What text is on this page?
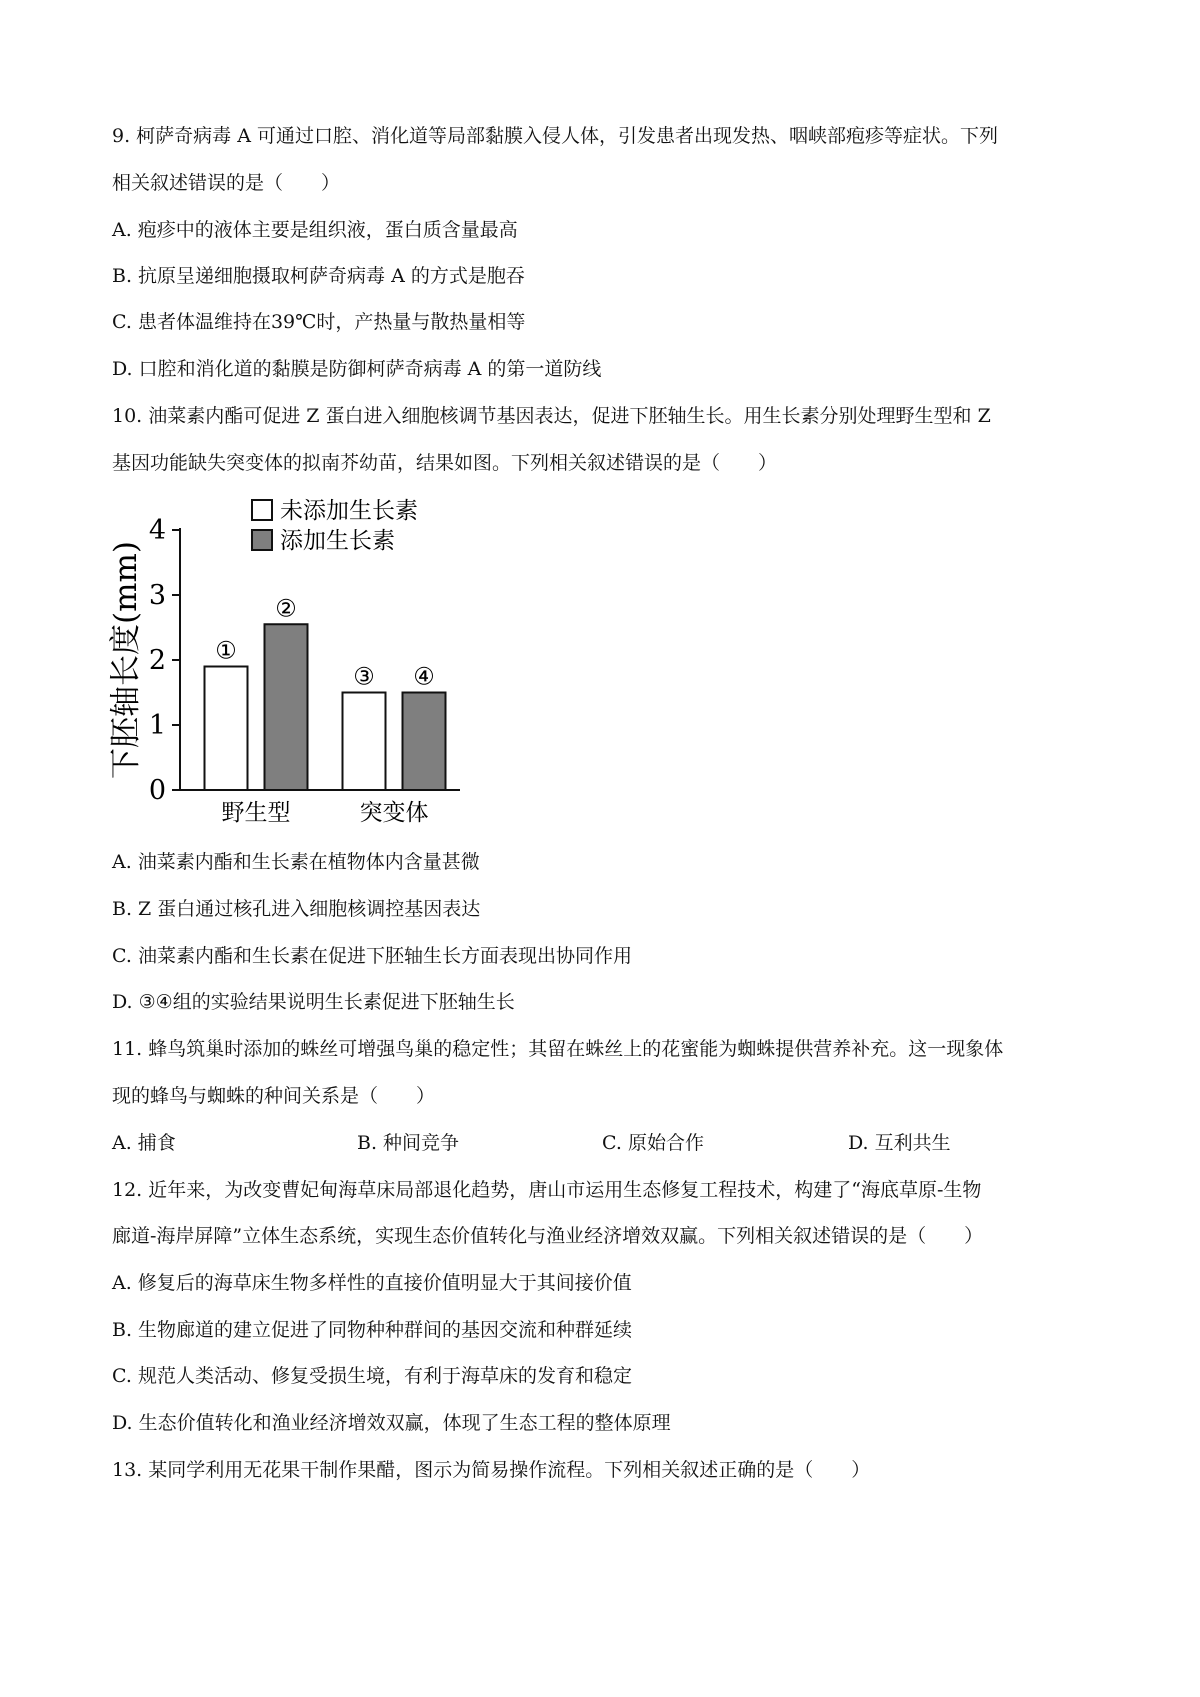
9. 柯萨奇病毒 A 可通过口腔、消化道等局部黏膜入侵人体，引发患者出现发热、咽峡部疱疹等症状。下列
相关叙述错误的是（　　）
A. 疱疹中的液体主要是组织液，蛋白质含量最高
B. 抗原呈递细胞摄取柯萨奇病毒 A 的方式是胞吞
C. 患者体温维持在39℃时，产热量与散热量相等
D. 口腔和消化道的黏膜是防御柯萨奇病毒 A 的第一道防线
10. 油菜素内酯可促进 Z 蛋白进入细胞核调节基因表达，促进下胚轴生长。用生长素分别处理野生型和 Z
基因功能缺失突变体的拟南芥幼苗，结果如图。下列相关叙述错误的是（　　）
0
1
2
3
4
下胚轴长度(mm)
野生型	突变体
①
②
③ ④
未添加生长素
添加生长素
A. 油菜素内酯和生长素在植物体内含量甚微
B. Z 蛋白通过核孔进入细胞核调控基因表达
C. 油菜素内酯和生长素在促进下胚轴生长方面表现出协同作用
D. ③④组的实验结果说明生长素促进下胚轴生长
11. 蜂鸟筑巢时添加的蛛丝可增强鸟巢的稳定性；其留在蛛丝上的花蜜能为蜘蛛提供营养补充。这一现象体
现的蜂鸟与蜘蛛的种间关系是（　　）
A. 捕食	B. 种间竞争	C. 原始合作	D. 互利共生
12. 近年来，为改变曹妃甸海草床局部退化趋势，唐山市运用生态修复工程技术，构建了“海底草原-生物
廊道-海岸屏障”立体生态系统，实现生态价值转化与渔业经济增效双赢。下列相关叙述错误的是（　　）
A. 修复后的海草床生物多样性的直接价值明显大于其间接价值
B. 生物廊道的建立促进了同物种种群间的基因交流和种群延续
C. 规范人类活动、修复受损生境，有利于海草床的发育和稳定
D. 生态价值转化和渔业经济增效双赢，体现了生态工程的整体原理
13. 某同学利用无花果干制作果醋，图示为简易操作流程。下列相关叙述正确的是（　　）
